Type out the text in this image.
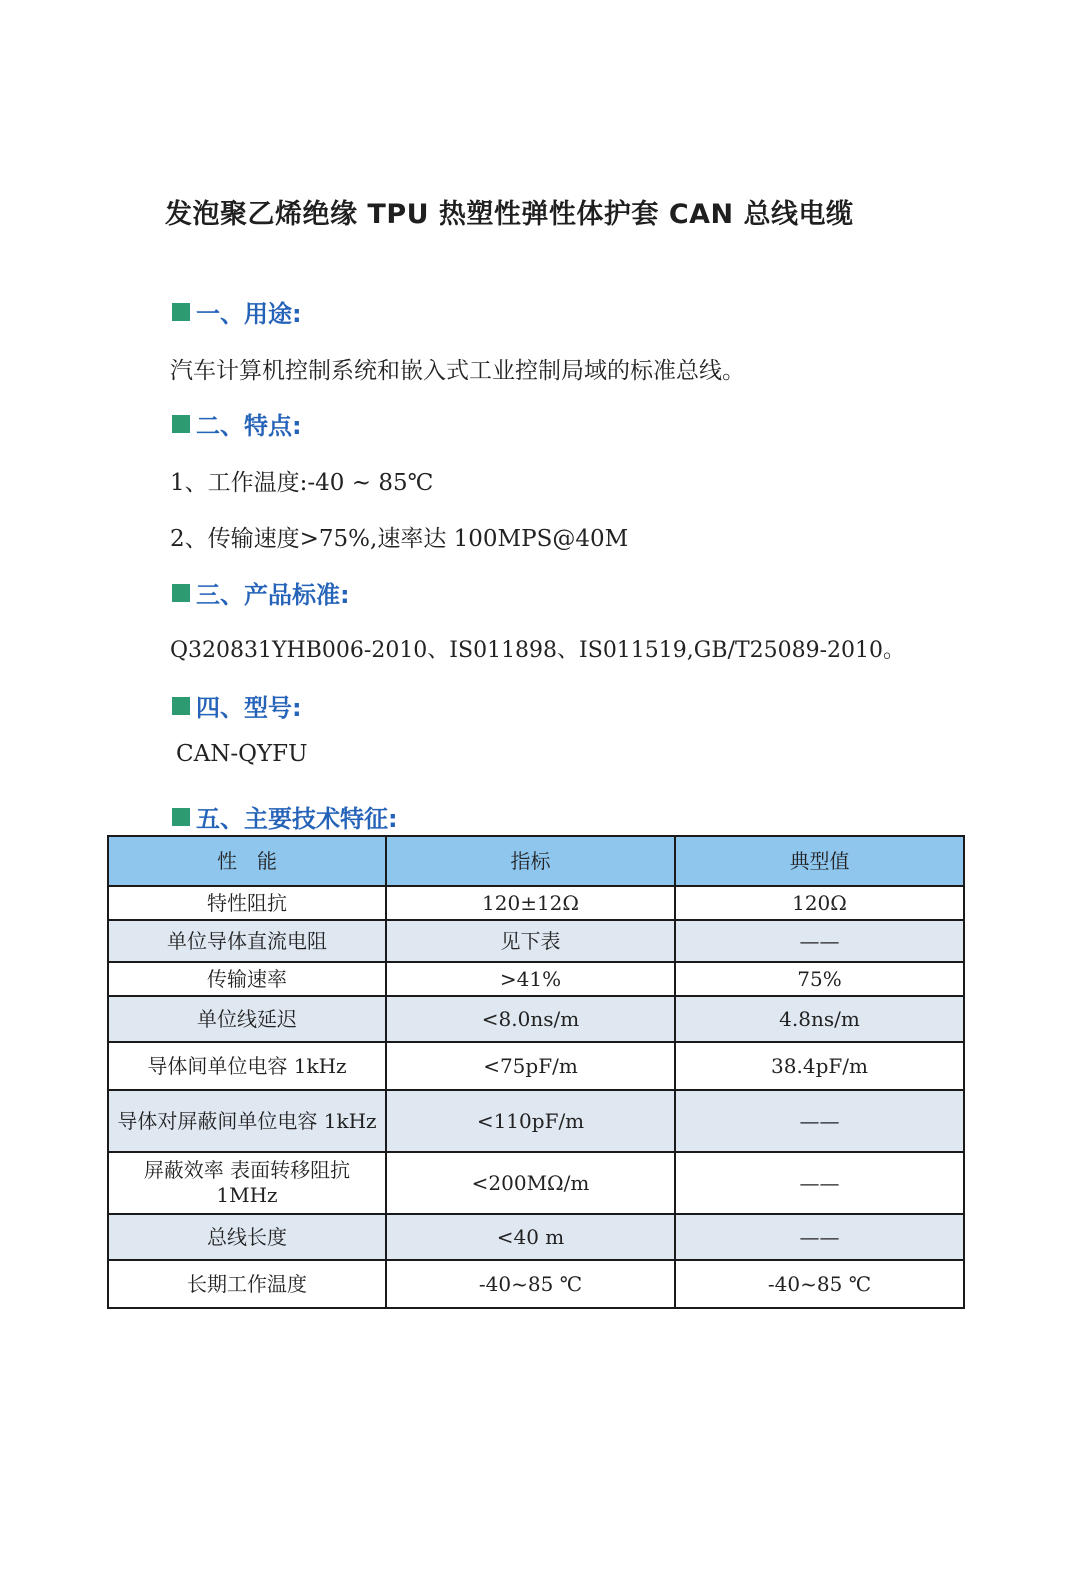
发泡聚乙烯绝缘 TPU 热塑性弹性体护套 CAN 总线电缆
一、用途:
汽车计算机控制系统和嵌入式工业控制局域的标准总线。
二、特点:
1、工作温度:-40 ~ 85℃
2、传输速度>75%,速率达 100MPS@40M
三、产品标准:
Q320831YHB006-2010、IS011898、IS011519,GB/T25089-2010。
四、型号:
CAN-QYFU
五、主要技术特征:
性　能	指标	典型值
特性阻抗	120±12Ω	120Ω
单位导体直流电阻	见下表	——
传输速率	>41%	75%
单位线延迟	<8.0ns/m	4.8ns/m
导体间单位电容 1kHz	<75pF/m	38.4pF/m
导体对屏蔽间单位电容 1kHz	<110pF/m	——
屏蔽效率 表面转移阻抗 1MHz	<200MΩ/m	——
总线长度	<40 m	——
长期工作温度	-40~85 ℃	-40~85 ℃
